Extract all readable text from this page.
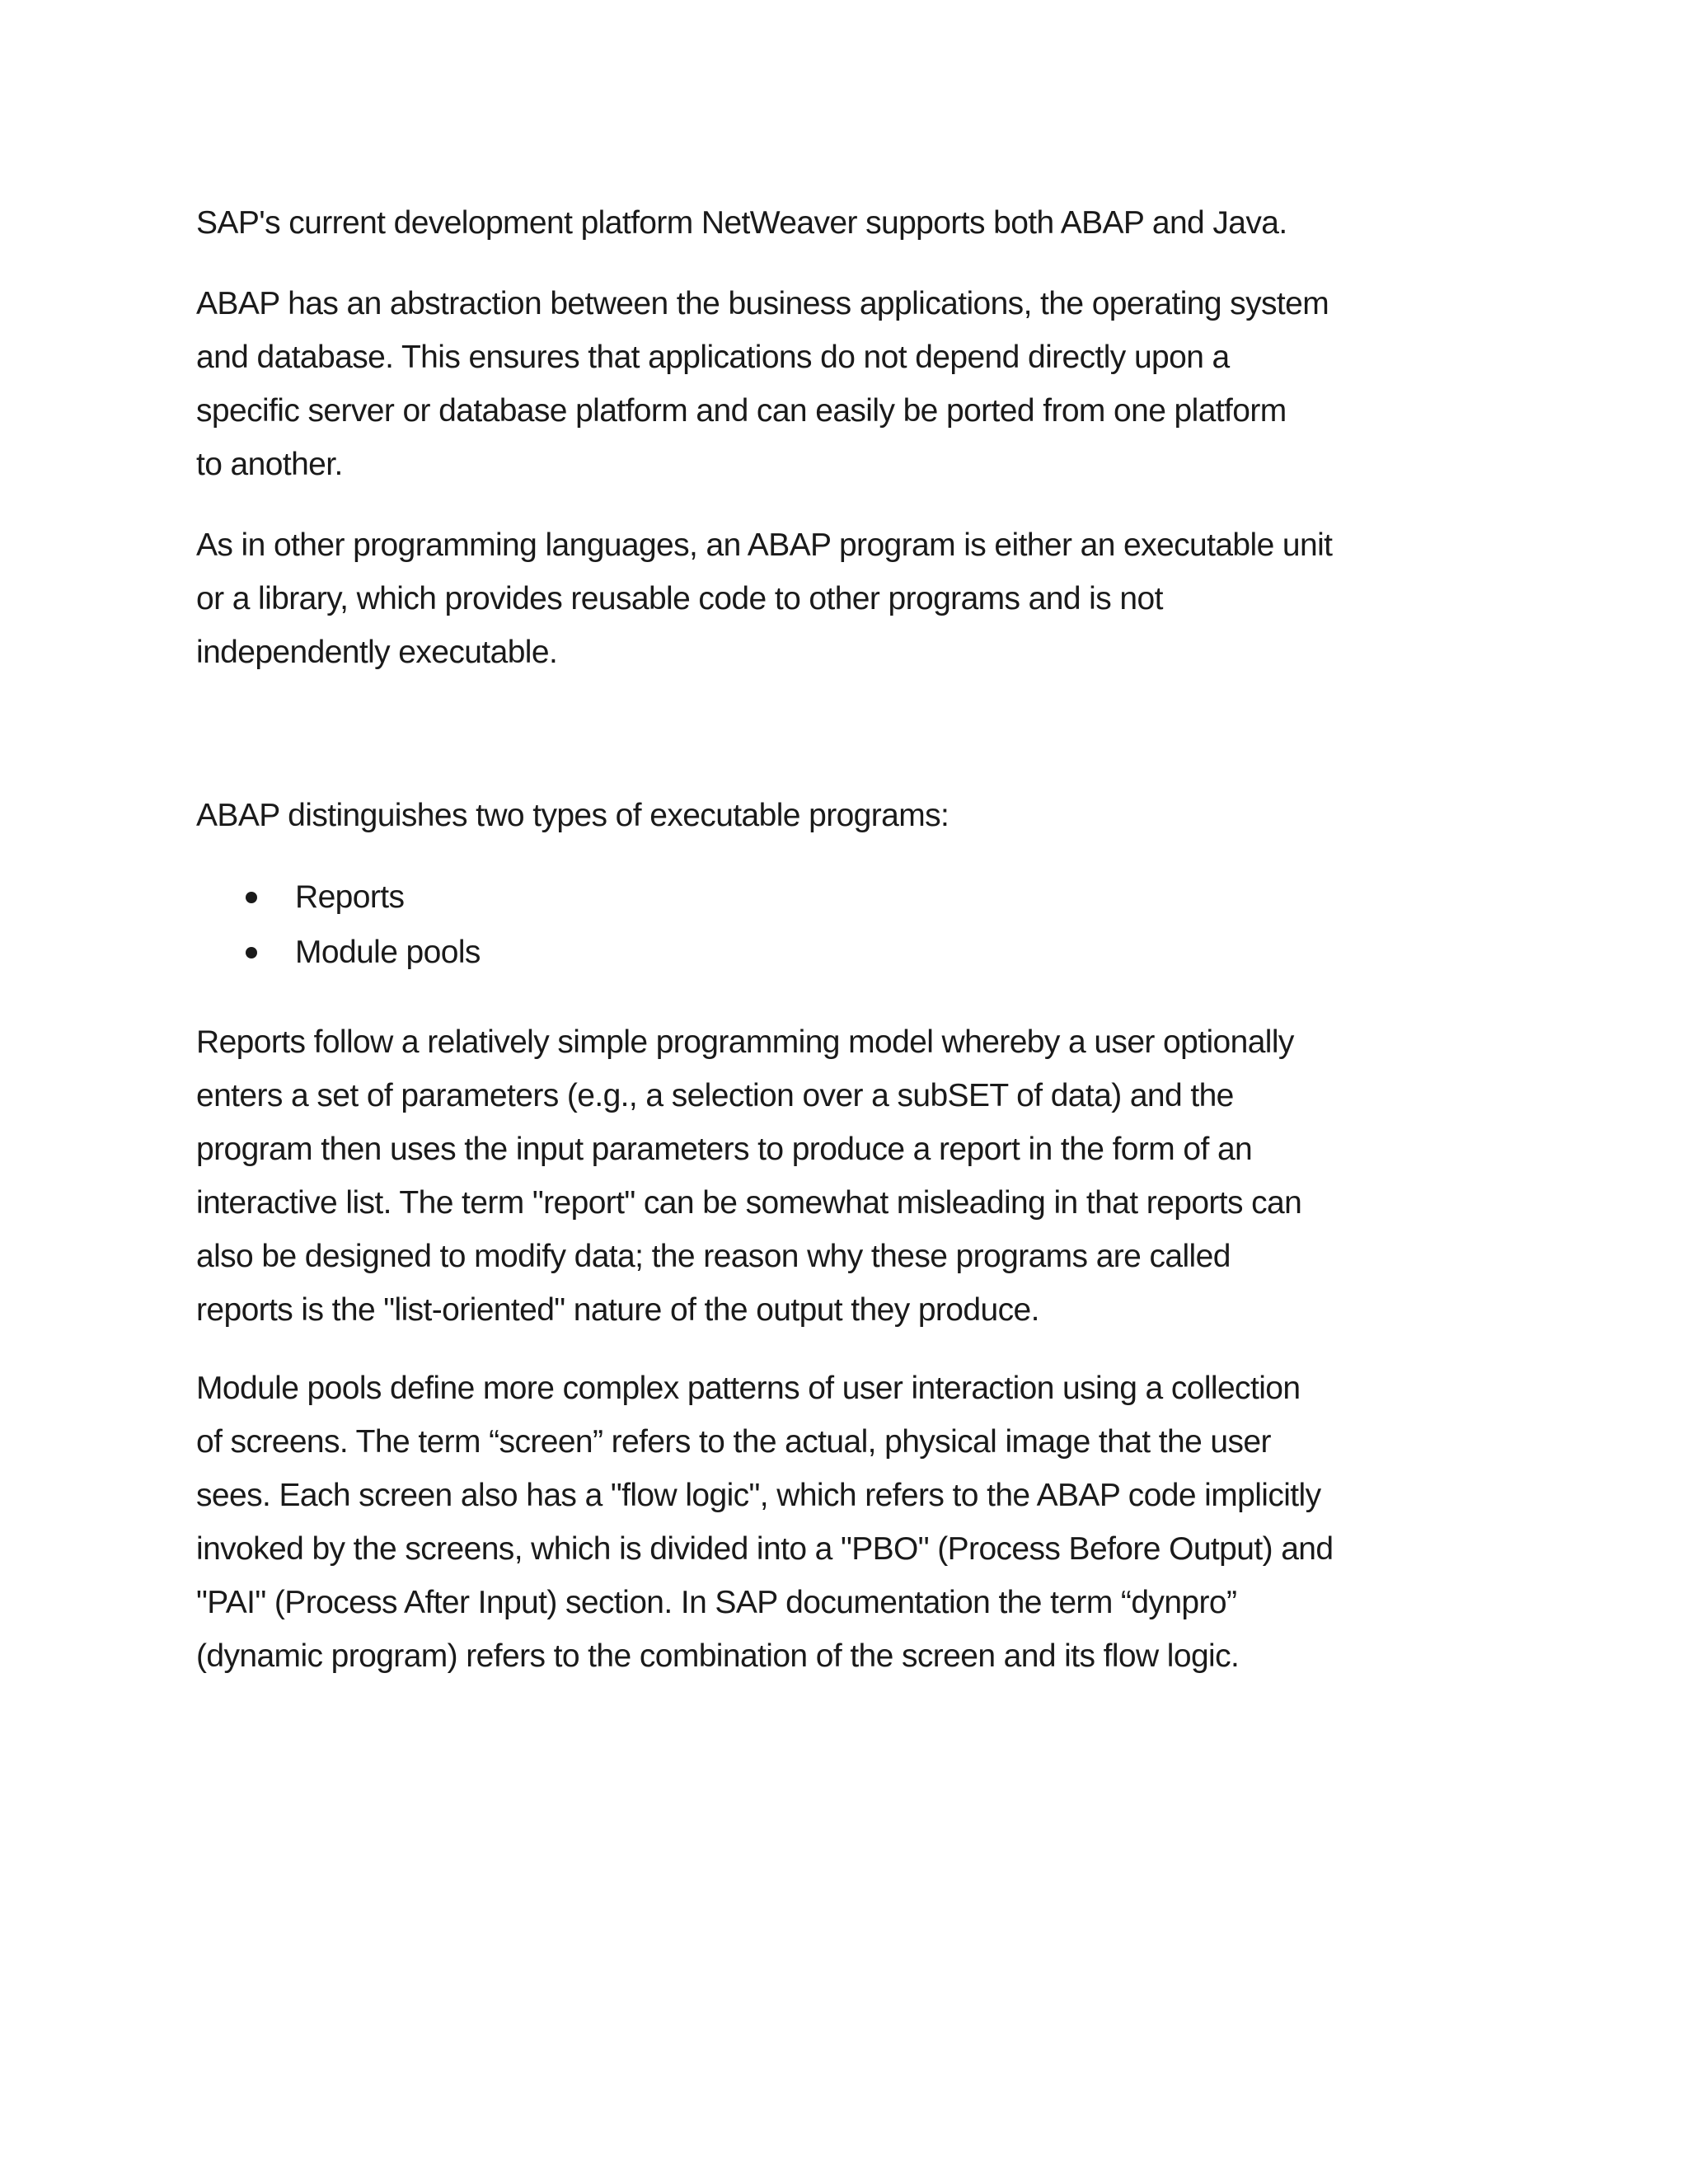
SAP's current development platform NetWeaver supports both ABAP and Java.
ABAP has an abstraction between the business applications, the operating system
and database. This ensures that applications do not depend directly upon a
specific server or database platform and can easily be ported from one platform
to another.
As in other programming languages, an ABAP program is either an executable unit
or a library, which provides reusable code to other programs and is not
independently executable.
ABAP distinguishes two types of executable programs:
Reports
Module pools
Reports follow a relatively simple programming model whereby a user optionally
enters a set of parameters (e.g., a selection over a subSET of data) and the
program then uses the input parameters to produce a report in the form of an
interactive list. The term "report" can be somewhat misleading in that reports can
also be designed to modify data; the reason why these programs are called
reports is the "list-oriented" nature of the output they produce.
Module pools define more complex patterns of user interaction using a collection
of screens. The term “screen” refers to the actual, physical image that the user
sees. Each screen also has a "flow logic", which refers to the ABAP code implicitly
invoked by the screens, which is divided into a "PBO" (Process Before Output) and
"PAI" (Process After Input) section. In SAP documentation the term “dynpro”
(dynamic program) refers to the combination of the screen and its flow logic.
